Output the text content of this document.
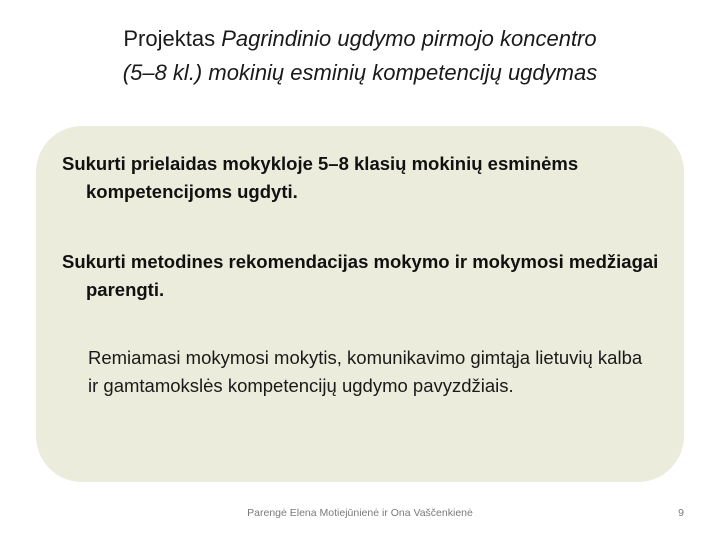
Projektas Pagrindinio ugdymo pirmojo koncentro
(5–8 kl.) mokinių esminių kompetencijų ugdymas
Sukurti prielaidas mokykloje 5–8 klasių mokinių esminėms kompetencijoms ugdyti.
Sukurti metodines rekomendacijas mokymo ir mokymosi medžiagai parengti.
Remiamasi mokymosi mokytis, komunikavimo gimtąja lietuvių kalba ir gamtamokslės kompetencijų ugdymo pavyzdžiais.
Parengė Elena Motiejūnienė ir Ona Vaščenkienė	9
